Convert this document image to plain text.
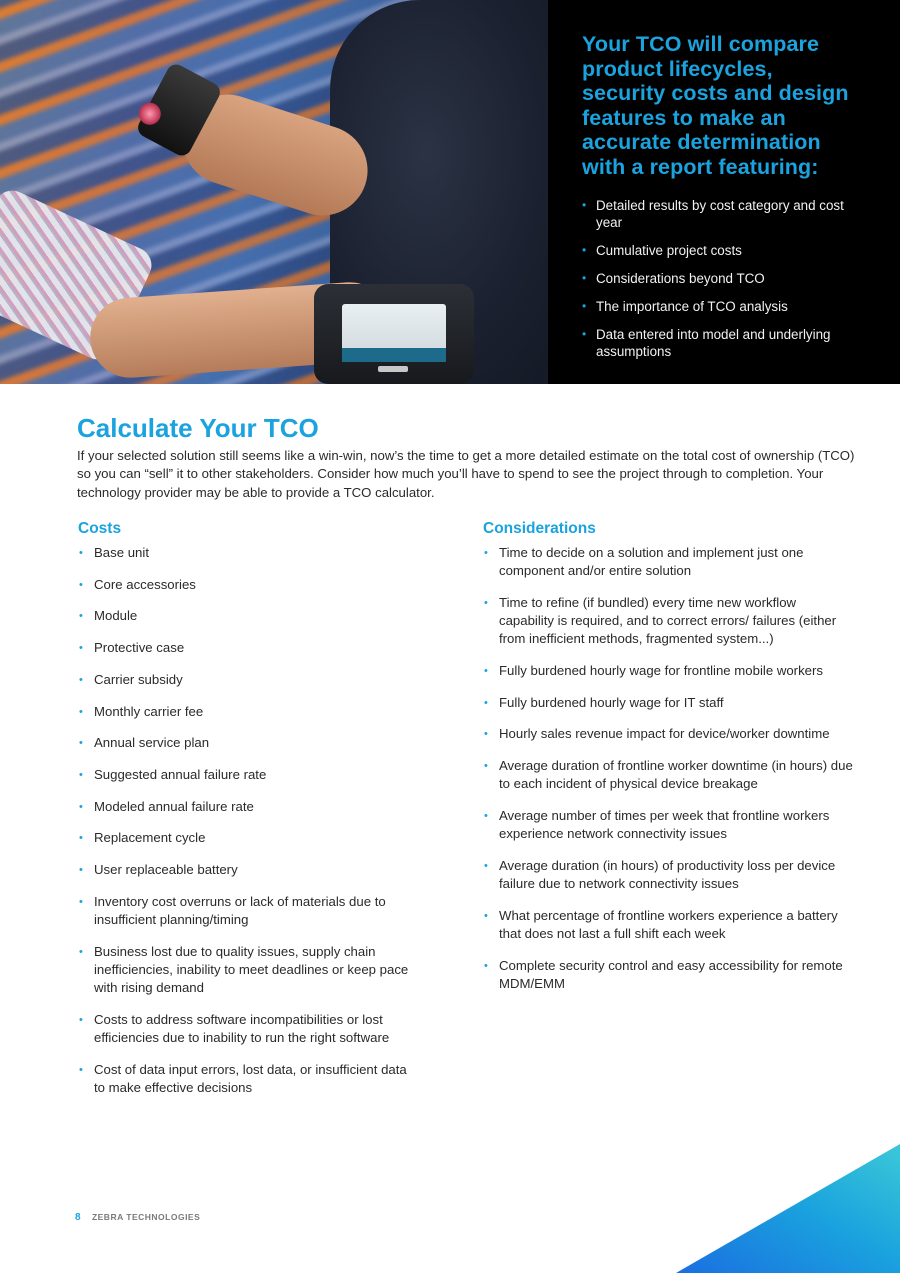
Your TCO will compare product lifecycles, security costs and design features to make an accurate determination with a report featuring:
• Detailed results by cost category and cost year
• Cumulative project costs
• Considerations beyond TCO
• The importance of TCO analysis
• Data entered into model and underlying assumptions
Calculate Your TCO

If your selected solution still seems like a win-win, now’s the time to get a more detailed estimate on the total cost of ownership (TCO) so you can “sell” it to other stakeholders. Consider how much you’ll have to spend to see the project through to completion. Your technology provider may be able to provide a TCO calculator.

Costs
• Base unit
• Core accessories
• Module
• Protective case
• Carrier subsidy
• Monthly carrier fee
• Annual service plan
• Suggested annual failure rate
• Modeled annual failure rate
• Replacement cycle
• User replaceable battery
• Inventory cost overruns or lack of materials due to insufficient planning/timing
• Business lost due to quality issues, supply chain inefficiencies, inability to meet deadlines or keep pace with rising demand
• Costs to address software incompatibilities or lost efficiencies due to inability to run the right software
• Cost of data input errors, lost data, or insufficient data to make effective decisions
Considerations
• Time to decide on a solution and implement just one component and/or entire solution
• Time to refine (if bundled) every time new workflow capability is required, and to correct errors/ failures (either from inefficient methods, fragmented system...)
• Fully burdened hourly wage for frontline mobile workers
• Fully burdened hourly wage for IT staff
• Hourly sales revenue impact for device/worker downtime
• Average duration of frontline worker downtime (in hours) due to each incident of physical device breakage
• Average number of times per week that frontline workers experience network connectivity issues
• Average duration (in hours) of productivity loss per device failure due to network connectivity issues
• What percentage of frontline workers experience a battery that does not last a full shift each week
• Complete security control and easy accessibility for remote MDM/EMM
8 ZEBRA TECHNOLOGIES
